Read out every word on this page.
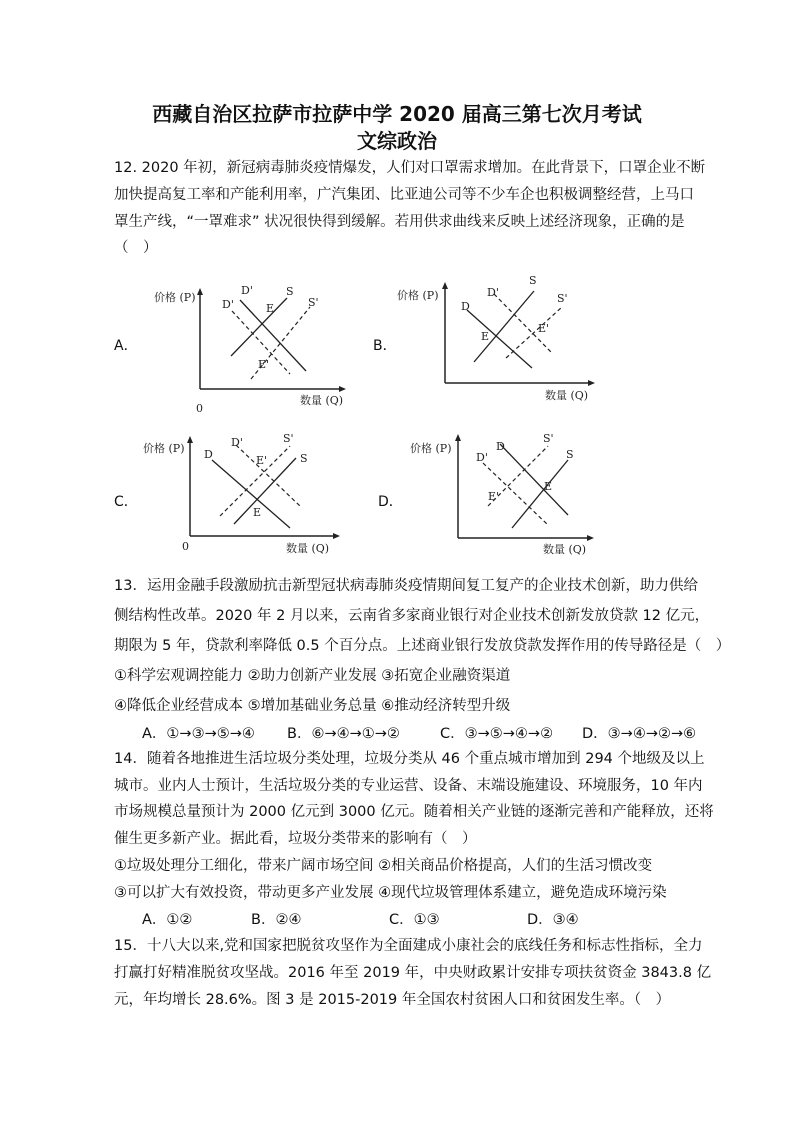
西藏自治区拉萨市拉萨中学 2020 届高三第七次月考试
文综政治
12. 2020 年初，新冠病毒肺炎疫情爆发，人们对口罩需求增加。在此背景下，口罩企业不断
加快提高复工率和产能利用率，广汽集团、比亚迪公司等不少车企也积极调整经营，上马口
罩生产线，“一罩难求” 状况很快得到缓解。若用供求曲线来反映上述经济现象，正确的是
（　）
A．	B．
C．	D．
价格 (P)
数量 (Q)
0
D'
D'
S
S'
E
E'
价格 (P)
数量 (Q)
D'
D
S
S'
E
E'
价格 (P)
数量 (Q)
0
D'
D
S'
S
E'
E
价格 (P)
数量 (Q)
D'
D
S'
S
E'
E
13．运用金融手段激励抗击新型冠状病毒肺炎疫情期间复工复产的企业技术创新，助力供给
侧结构性改革。2020 年 2 月以来，云南省多家商业银行对企业技术创新发放贷款 12 亿元，
期限为 5 年，贷款利率降低 0.5 个百分点。上述商业银行发放贷款发挥作用的传导路径是（　）
①科学宏观调控能力 ②助力创新产业发展 ③拓宽企业融资渠道
④降低企业经营成本 ⑤增加基础业务总量 ⑥推动经济转型升级
A．①→③→⑤→④ B．⑥→④→①→②	C．③→⑤→④→② D．③→④→②→⑥
14．随着各地推进生活垃圾分类处理，垃圾分类从 46 个重点城市增加到 294 个地级及以上
城市。业内人士预计，生活垃圾分类的专业运营、设备、末端设施建设、环境服务，10 年内
市场规模总量预计为 2000 亿元到 3000 亿元。随着相关产业链的逐渐完善和产能释放，还将
催生更多新产业。据此看，垃圾分类带来的影响有（　）
①垃圾处理分工细化，带来广阔市场空间 ②相关商品价格提高，人们的生活习惯改变
③可以扩大有效投资，带动更多产业发展 ④现代垃圾管理体系建立，避免造成环境污染
A．①②	B．②④	C．①③	D．③④
15．十八大以来,党和国家把脱贫攻坚作为全面建成小康社会的底线任务和标志性指标，全力
打赢打好精准脱贫攻坚战。2016 年至 2019 年，中央财政累计安排专项扶贫资金 3843.8 亿
元，年均增长 28.6%。图 3 是 2015-2019 年全国农村贫困人口和贫困发生率。（　）
